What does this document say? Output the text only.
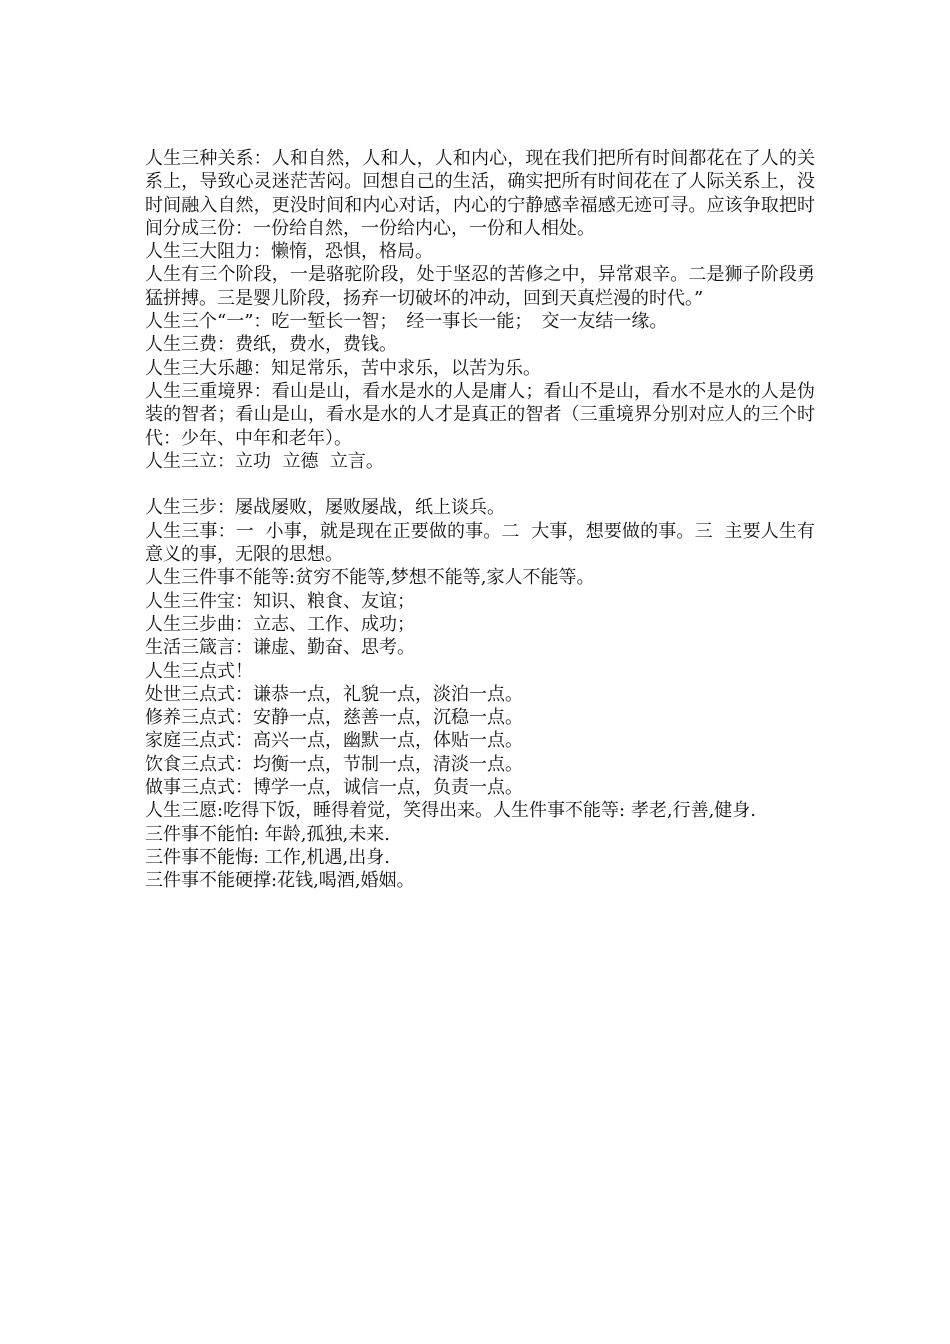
人生三种关系：人和自然，人和人，人和内心，现在我们把所有时间都花在了人的关系上，导致心灵迷茫苦闷。回想自己的生活，确实把所有时间花在了人际关系上，没时间融入自然，更没时间和内心对话，内心的宁静感幸福感无迹可寻。应该争取把时间分成三份：一份给自然，一份给内心，一份和人相处。

人生三大阻力：懒惰，恐惧，格局。

人生有三个阶段，一是骆驼阶段，处于坚忍的苦修之中，异常艰辛。二是狮子阶段勇猛拼搏。三是婴儿阶段，扬弃一切破坏的冲动，回到天真烂漫的时代。”

人生三个“一”：吃一堑长一智；　经一事长一能；　交一友结一缘。

人生三费：费纸，费水，费钱。

人生三大乐趣：知足常乐，苦中求乐，以苦为乐。

人生三重境界：看山是山，看水是水的人是庸人；看山不是山，看水不是水的人是伪装的智者；看山是山，看水是水的人才是真正的智者（三重境界分别对应人的三个时代：少年、中年和老年）。

人生三立：立功  立德  立言。

人生三步：屡战屡败，屡败屡战，纸上谈兵。

人生三事：一  小事，就是现在正要做的事。二  大事，想要做的事。三  主要人生有意义的事，无限的思想。

人生三件事不能等:贫穷不能等,梦想不能等,家人不能等。

人生三件宝：知识、粮食、友谊；

人生三步曲：立志、工作、成功；

生活三箴言：谦虚、勤奋、思考。

人生三点式！

处世三点式：谦恭一点，礼貌一点，淡泊一点。

修养三点式：安静一点，慈善一点，沉稳一点。

家庭三点式：高兴一点，幽默一点，体贴一点。

饮食三点式：均衡一点，节制一点，清淡一点。

做事三点式：博学一点，诚信一点，负责一点。

人生三愿:吃得下饭，睡得着觉，笑得出来。人生件事不能等: 孝老,行善,健身.

三件事不能怕: 年龄,孤独,未来.

三件事不能悔: 工作,机遇,出身.

三件事不能硬撑:花钱,喝酒,婚姻。
